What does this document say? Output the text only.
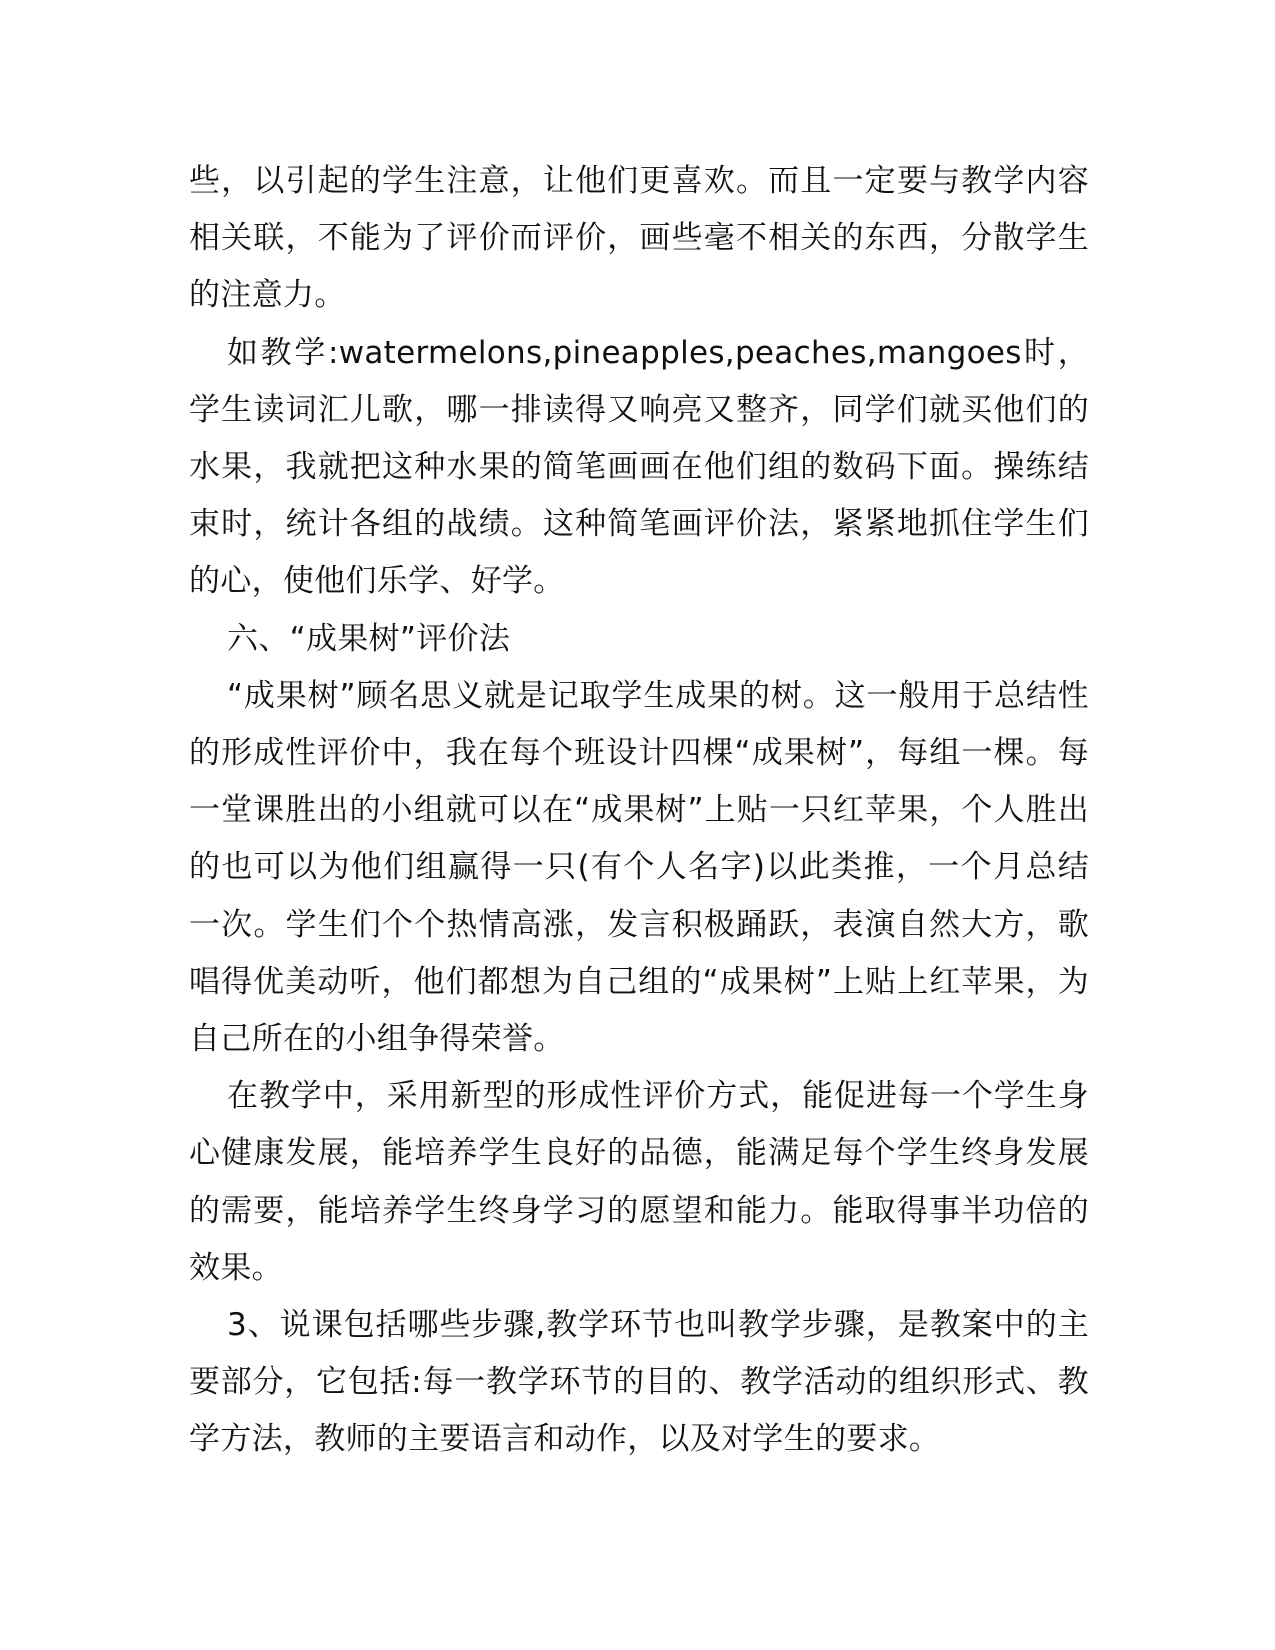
些，以引起的学生注意，让他们更喜欢。而且一定要与教学内容相关联，不能为了评价而评价，画些毫不相关的东西，分散学生的注意力。

如教学:watermelons,pineapples,peaches,mangoes时，学生读词汇儿歌，哪一排读得又响亮又整齐，同学们就买他们的水果，我就把这种水果的简笔画画在他们组的数码下面。操练结束时，统计各组的战绩。这种简笔画评价法，紧紧地抓住学生们的心，使他们乐学、好学。

六、“成果树”评价法

“成果树”顾名思义就是记取学生成果的树。这一般用于总结性的形成性评价中，我在每个班设计四棵“成果树”，每组一棵。每一堂课胜出的小组就可以在“成果树”上贴一只红苹果，个人胜出的也可以为他们组赢得一只(有个人名字)以此类推，一个月总结一次。学生们个个热情高涨，发言积极踊跃，表演自然大方，歌唱得优美动听，他们都想为自己组的“成果树”上贴上红苹果，为自己所在的小组争得荣誉。

在教学中，采用新型的形成性评价方式，能促进每一个学生身心健康发展，能培养学生良好的品德，能满足每个学生终身发展的需要，能培养学生终身学习的愿望和能力。能取得事半功倍的效果。

3、说课包括哪些步骤,教学环节也叫教学步骤，是教案中的主要部分，它包括:每一教学环节的目的、教学活动的组织形式、教学方法，教师的主要语言和动作，以及对学生的要求。
